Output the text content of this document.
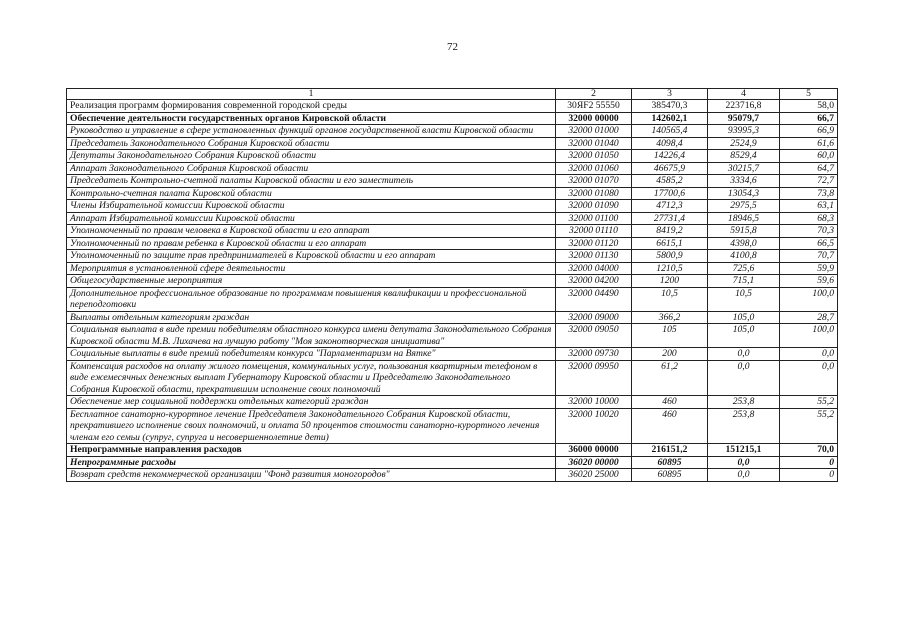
72
1	2	3	4	5
Реализация программ формирования современной городской среды	30ЯF2 55550	385470,3	223716,8	58,0
Обеспечение деятельности государственных органов Кировской области	32000 00000	142602,1	95079,7	66,7
Руководство и управление в сфере установленных функций органов государственной власти Кировской области	32000 01000	140565,4	93995,3	66,9
Председатель Законодательного Собрания Кировской области	32000 01040	4098,4	2524,9	61,6
Депутаты Законодательного Собрания Кировской области	32000 01050	14226,4	8529,4	60,0
Аппарат Законодательного Собрания Кировской области	32000 01060	46675,9	30215,7	64,7
Председатель Контрольно-счетной палаты Кировской области и его заместитель	32000 01070	4585,2	3334,6	72,7
Контрольно-счетная палата Кировской области	32000 01080	17700,6	13054,3	73,8
Члены Избирательной комиссии Кировской области	32000 01090	4712,3	2975,5	63,1
Аппарат Избирательной комиссии Кировской области	32000 01100	27731,4	18946,5	68,3
Уполномоченный по правам человека в Кировской области и его аппарат	32000 01110	8419,2	5915,8	70,3
Уполномоченный по правам ребенка в Кировской области и его аппарат	32000 01120	6615,1	4398,0	66,5
Уполномоченный по защите прав предпринимателей в Кировской области и его аппарат	32000 01130	5800,9	4100,8	70,7
Мероприятия в установленной сфере деятельности	32000 04000	1210,5	725,6	59,9
Общегосударственные мероприятия	32000 04200	1200	715,1	59,6
Дополнительное профессиональное образование по программам повышения квалификации и профессиональной переподготовки	32000 04490	10,5	10,5	100,0
Выплаты отдельным категориям граждан	32000 09000	366,2	105,0	28,7
Социальная выплата в виде премии победителям областного конкурса имени депутата Законодательного Собрания Кировской области М.В. Лихачева на лучшую работу "Моя законотворческая инициатива"	32000 09050	105	105,0	100,0
Социальные выплаты в виде премий победителям конкурса "Парламентаризм на Вятке"	32000 09730	200	0,0	0,0
Компенсация расходов на оплату жилого помещения, коммунальных услуг, пользования квартирным телефоном в виде ежемесячных денежных выплат Губернатору Кировской области и Председателю Законодательного Собрания Кировской области, прекратившим исполнение своих полномочий	32000 09950	61,2	0,0	0,0
Обеспечение мер социальной поддержки отдельных категорий граждан	32000 10000	460	253,8	55,2
Бесплатное санаторно-курортное лечение Председателя Законодательного Собрания Кировской области, прекратившего исполнение своих полномочий, и оплата 50 процентов стоимости санаторно-курортного лечения членам его семьи (супруг, супруга и несовершеннолетние дети)	32000 10020	460	253,8	55,2
Непрограммные направления расходов	36000 00000	216151,2	151215,1	70,0
Непрограммные расходы	36020 00000	60895	0,0	0
Возврат средств некоммерческой организации "Фонд развития моногородов"	36020 25000	60895	0,0	0
